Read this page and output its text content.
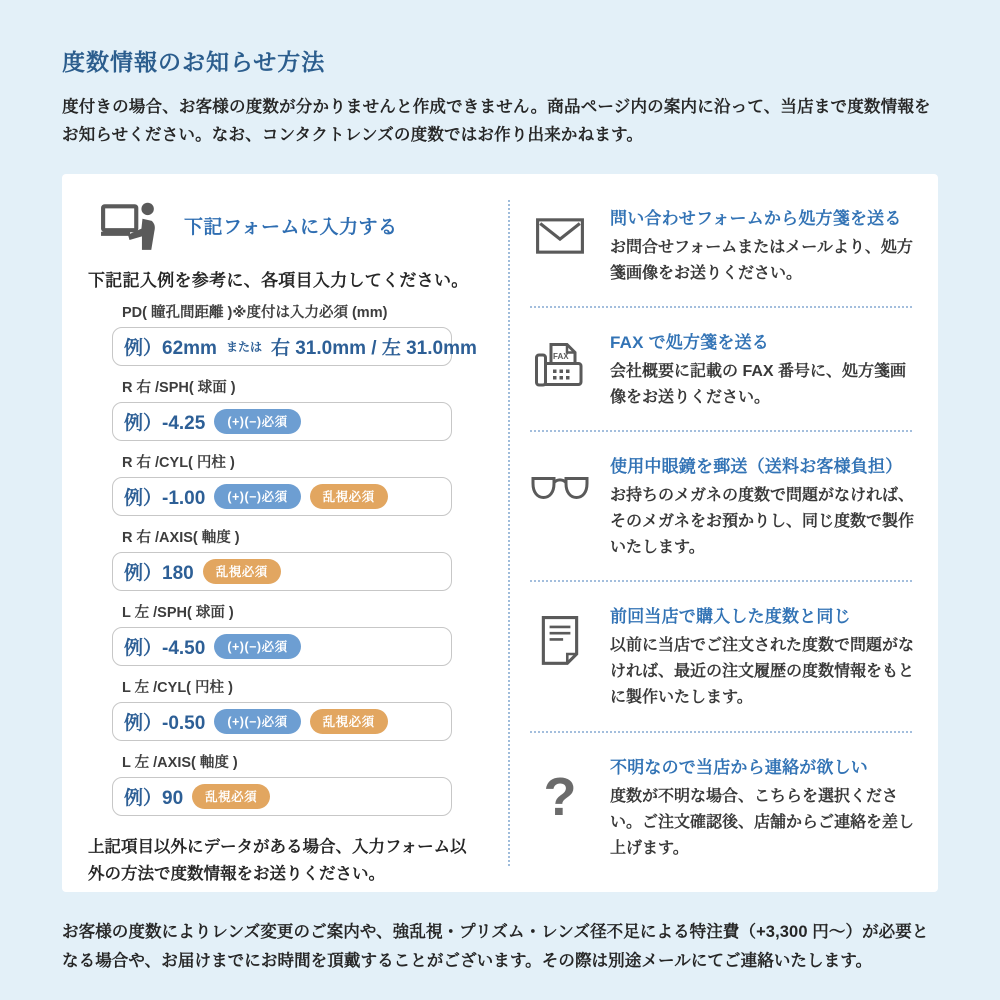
度数情報のお知らせ方法

度付きの場合、お客様の度数が分かりませんと作成できません。商品ページ内の案内に沿って、当店まで度数情報をお知らせください。なお、コンタクトレンズの度数ではお作り出来かねます。

下記フォームに入力する

下記記入例を参考に、各項目入力してください。

PD( 瞳孔間距離 )※度付は入力必須 (mm)
例）62mm または 右 31.0mm / 左 31.0mm
R 右 /SPH( 球面 )
例）-4.25	(+)(−)必須
R 右 /CYL( 円柱 )
例）-1.00	(+)(−)必須	乱視必須
R 右 /AXIS( 軸度 )
例）180	乱視必須
L 左 /SPH( 球面 )
例）-4.50	(+)(−)必須
L 左 /CYL( 円柱 )
例）-0.50	(+)(−)必須	乱視必須
L 左 /AXIS( 軸度 )
例）90	乱視必須

上記項目以外にデータがある場合、入力フォーム以外の方法で度数情報をお送りください。

問い合わせフォームから処方箋を送る
お問合せフォームまたはメールより、処方箋画像をお送りください。
FAX
FAX で処方箋を送る
会社概要に記載の FAX 番号に、処方箋画像をお送りください。
使用中眼鏡を郵送（送料お客様負担）
お持ちのメガネの度数で問題がなければ、そのメガネをお預かりし、同じ度数で製作いたします。
前回当店で購入した度数と同じ
以前に当店でご注文された度数で問題がなければ、最近の注文履歴の度数情報をもとに製作いたします。
? 不明なので当店から連絡が欲しい
度数が不明な場合、こちらを選択ください。ご注文確認後、店舗からご連絡を差し上げます。

お客様の度数によりレンズ変更のご案内や、強乱視・プリズム・レンズ径不足による特注費（+3,300 円～）が必要となる場合や、お届けまでにお時間を頂戴することがございます。その際は別途メールにてご連絡いたします。
